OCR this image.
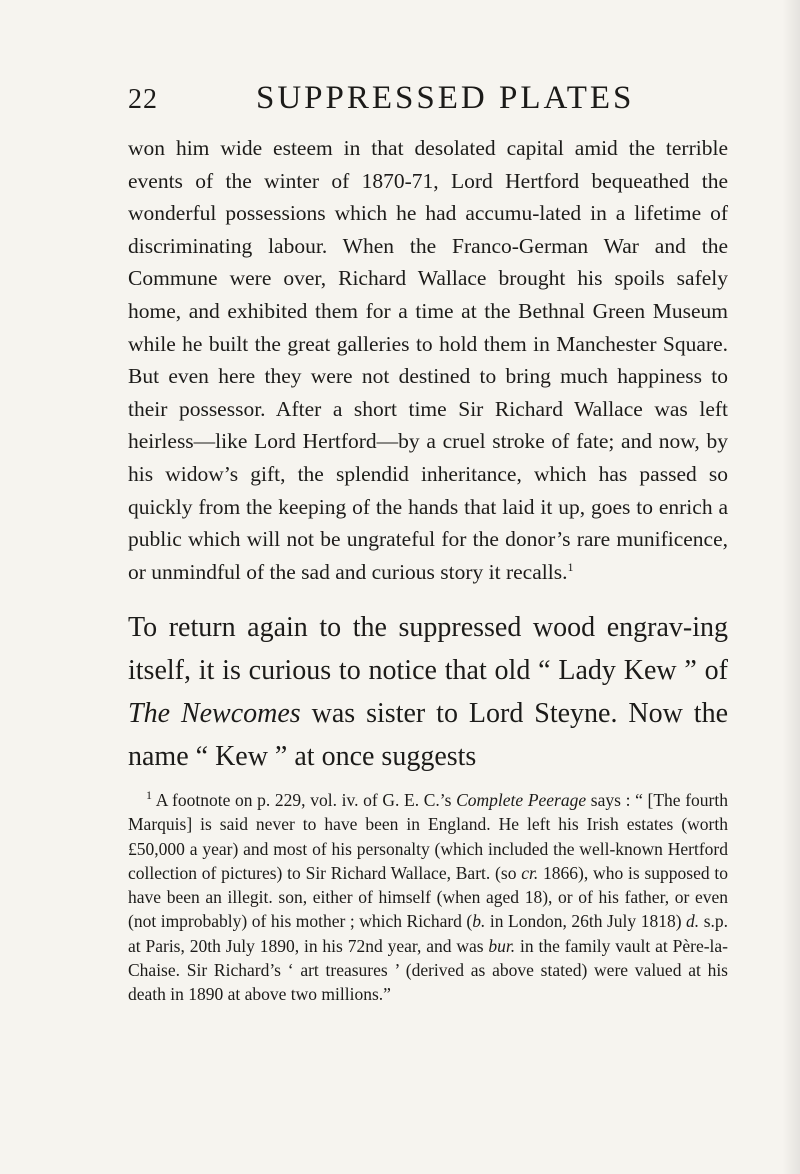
22	SUPPRESSED PLATES

won him wide esteem in that desolated capital amid the terrible events of the winter of 1870-71, Lord Hertford bequeathed the wonderful possessions which he had accumu-lated in a lifetime of discriminating labour. When the Franco-German War and the Commune were over, Richard Wallace brought his spoils safely home, and exhibited them for a time at the Bethnal Green Museum while he built the great galleries to hold them in Manchester Square. But even here they were not destined to bring much happiness to their possessor. After a short time Sir Richard Wallace was left heirless—like Lord Hertford—by a cruel stroke of fate; and now, by his widow’s gift, the splendid inheritance, which has passed so quickly from the keeping of the hands that laid it up, goes to enrich a public which will not be ungrateful for the donor’s rare munificence, or unmindful of the sad and curious story it recalls.$^1$

To return again to the suppressed wood engrav-ing itself, it is curious to notice that old “ Lady Kew ” of The Newcomes was sister to Lord Steyne. Now the name “ Kew ” at once suggests

$^1$ A footnote on p. 229, vol. iv. of G. E. C.’s Complete Peerage says : “ [The fourth Marquis] is said never to have been in England. He left his Irish estates (worth £50,000 a year) and most of his personalty (which included the well-known Hertford collection of pictures) to Sir Richard Wallace, Bart. (so cr. 1866), who is supposed to have been an illegit. son, either of himself (when aged 18), or of his father, or even (not improbably) of his mother ; which Richard (b. in London, 26th July 1818) d. s.p. at Paris, 20th July 1890, in his 72nd year, and was bur. in the family vault at Père-la-Chaise. Sir Richard’s ‘ art treasures ’ (derived as above stated) were valued at his death in 1890 at above two millions.”
